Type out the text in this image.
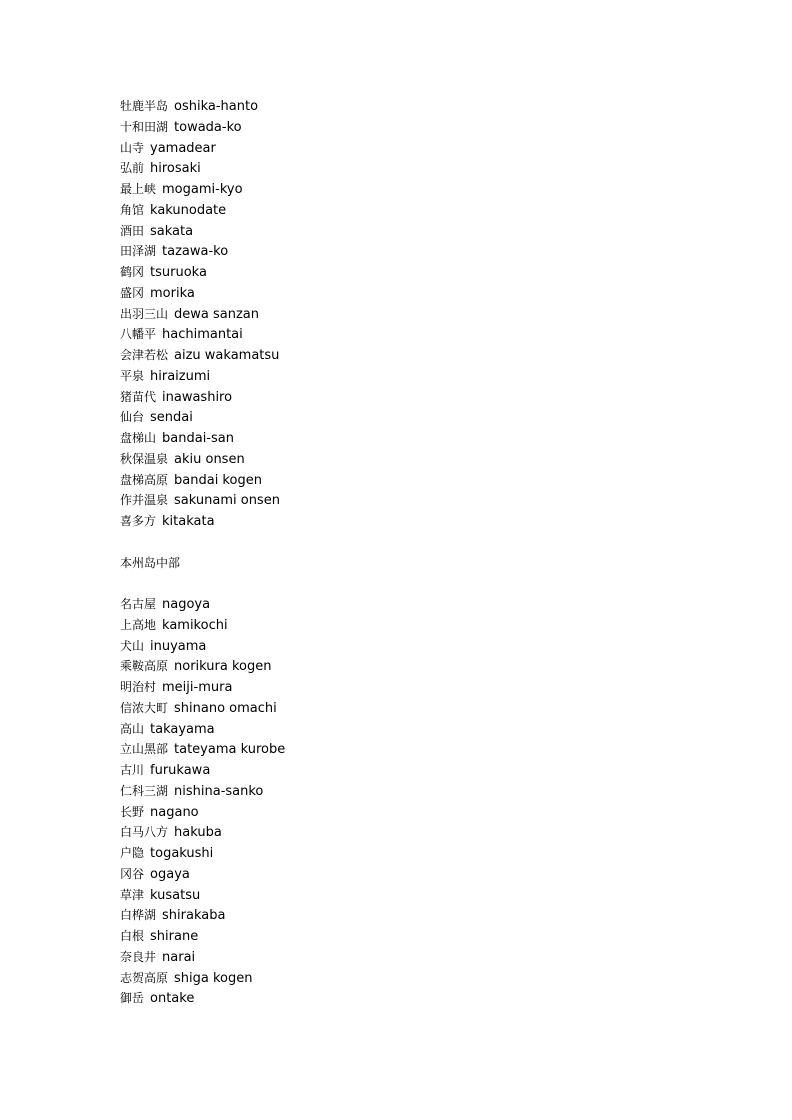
牡鹿半岛 oshika-hanto
十和田湖 towada-ko
山寺 yamadear
弘前 hirosaki
最上峡 mogami-kyo
角馆 kakunodate
酒田 sakata
田泽湖 tazawa-ko
鹤冈 tsuruoka
盛冈 morika
出羽三山 dewa sanzan
八幡平 hachimantai
会津若松 aizu wakamatsu
平泉 hiraizumi
猪苗代 inawashiro
仙台 sendai
盘梯山 bandai-san
秋保温泉 akiu onsen
盘梯高原 bandai kogen
作并温泉 sakunami onsen
喜多方 kitakata
本州岛中部
名古屋 nagoya
上高地 kamikochi
犬山 inuyama
乘鞍高原 norikura kogen
明治村 meiji-mura
信浓大町 shinano omachi
高山 takayama
立山黑部 tateyama kurobe
古川 furukawa
仁科三湖 nishina-sanko
长野 nagano
白马八方 hakuba
户隐 togakushi
冈谷 ogaya
草津 kusatsu
白桦湖 shirakaba
白根 shirane
奈良井 narai
志贺高原 shiga kogen
御岳 ontake
